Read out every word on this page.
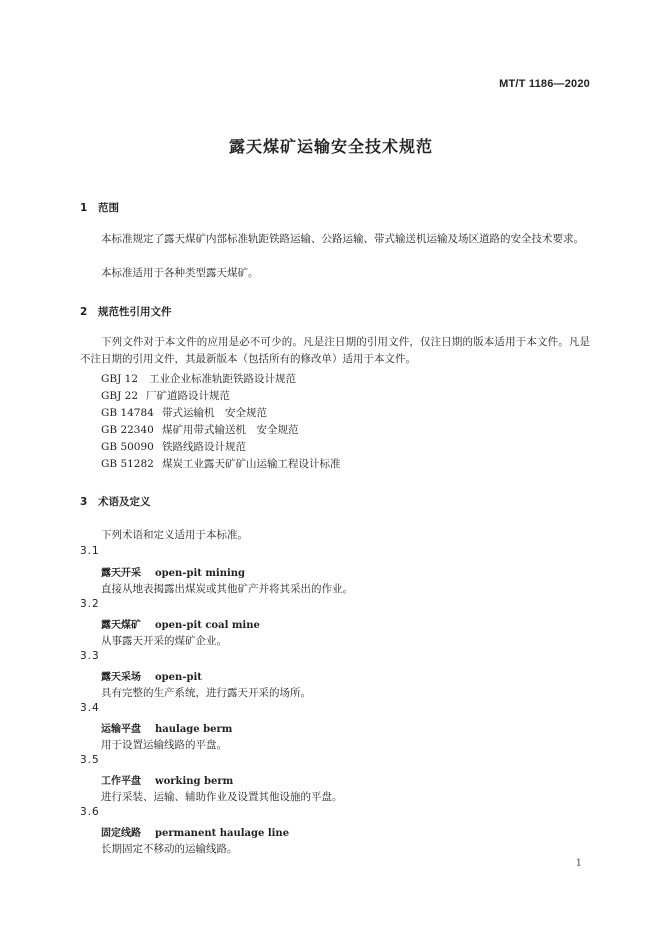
MT/T 1186—2020
露天煤矿运输安全技术规范
1 范围
本标准规定了露天煤矿内部标准轨距铁路运输、公路运输、带式输送机运输及场区道路的安全技术要求。
本标准适用于各种类型露天煤矿。
2 规范性引用文件
下列文件对于本文件的应用是必不可少的。凡是注日期的引用文件，仅注日期的版本适用于本文件。凡是不注日期的引用文件，其最新版本（包括所有的修改单）适用于本文件。
GBJ 12 工业企业标准轨距铁路设计规范
GBJ 22 厂矿道路设计规范
GB 14784 带式运输机　安全规范
GB 22340 煤矿用带式输送机　安全规范
GB 50090 铁路线路设计规范
GB 51282 煤炭工业露天矿矿山运输工程设计标准
3 术语及定义
下列术语和定义适用于本标准。
3.1
露天开采 open-pit mining
直接从地表揭露出煤炭或其他矿产并将其采出的作业。
3.2
露天煤矿 open-pit coal mine
从事露天开采的煤矿企业。
3.3
露天采场 open-pit
具有完整的生产系统，进行露天开采的场所。
3.4
运输平盘 haulage berm
用于设置运输线路的平盘。
3.5
工作平盘 working berm
进行采装、运输、辅助作业及设置其他设施的平盘。
3.6
固定线路 permanent haulage line
长期固定不移动的运输线路。
1
